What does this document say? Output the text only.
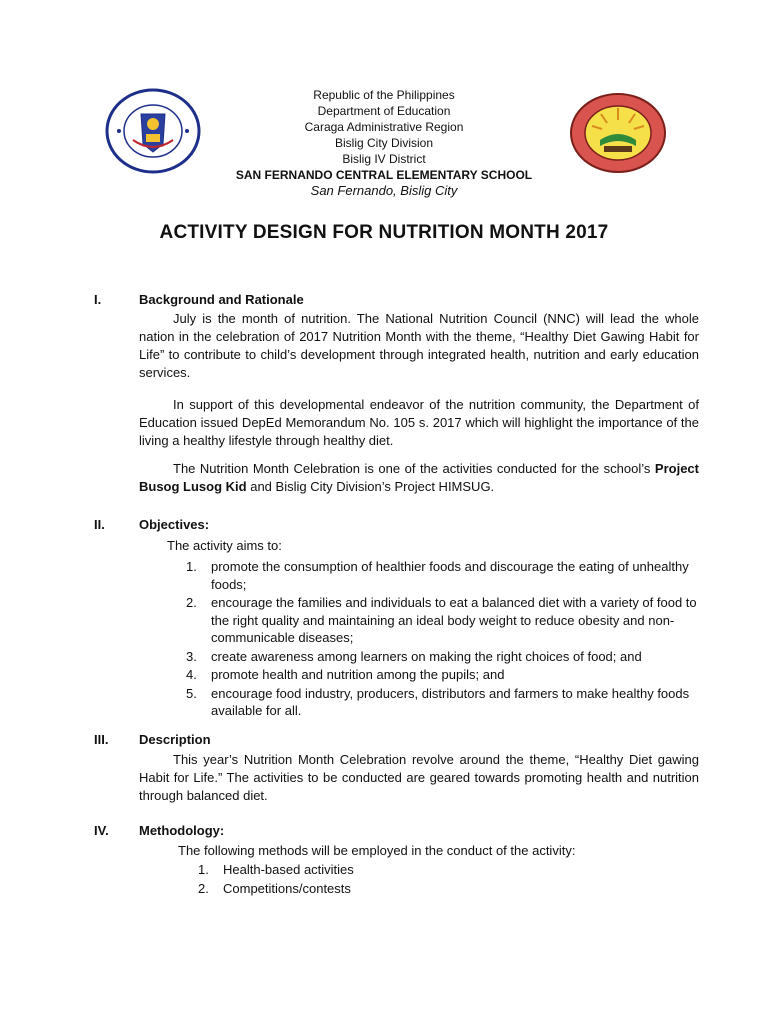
Republic of the Philippines
Department of Education
Caraga Administrative Region
Bislig City Division
Bislig IV District
SAN FERNANDO CENTRAL ELEMENTARY SCHOOL
San Fernando, Bislig City
ACTIVITY DESIGN FOR NUTRITION MONTH 2017
I.	Background and Rationale
July is the month of nutrition. The National Nutrition Council (NNC) will lead the whole nation in the celebration of 2017 Nutrition Month with the theme, “Healthy Diet Gawing Habit for Life” to contribute to child’s development through integrated health, nutrition and early education services.
In support of this developmental endeavor of the nutrition community, the Department of Education issued DepEd Memorandum No. 105 s. 2017 which will highlight the importance of the living a healthy lifestyle through healthy diet.
The Nutrition Month Celebration is one of the activities conducted for the school’s Project Busog Lusog Kid and Bislig City Division’s Project HIMSUG.
II.	Objectives:
The activity aims to:
1. promote the consumption of healthier foods and discourage the eating of unhealthy foods;
2. encourage the families and individuals to eat a balanced diet with a variety of food to the right quality and maintaining an ideal body weight to reduce obesity and non-communicable diseases;
3. create awareness among learners on making the right choices of food; and
4. promote health and nutrition among the pupils; and
5. encourage food industry, producers, distributors and farmers to make healthy foods available for all.
III. Description
This year’s Nutrition Month Celebration revolve around the theme, “Healthy Diet gawing Habit for Life.” The activities to be conducted are geared towards promoting health and nutrition through balanced diet.
IV. Methodology:
The following methods will be employed in the conduct of the activity:
1. Health-based activities
2. Competitions/contests
